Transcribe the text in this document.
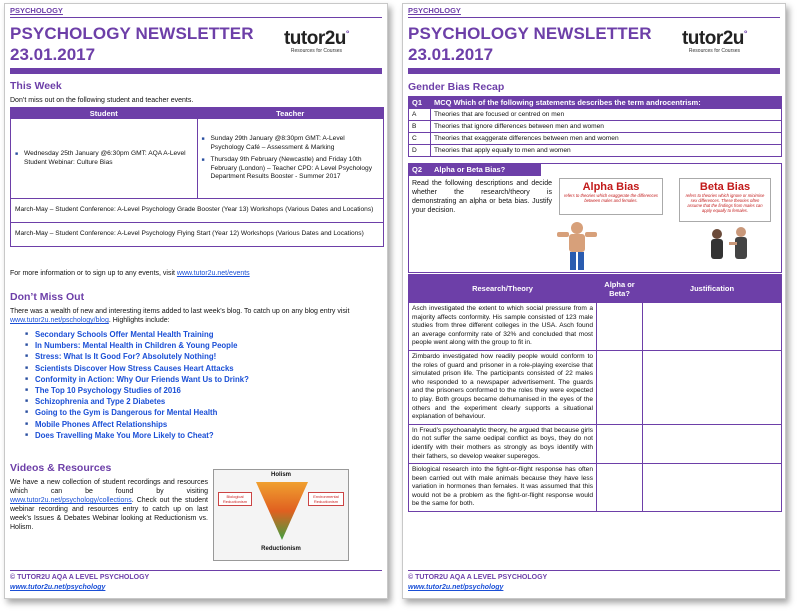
PSYCHOLOGY
PSYCHOLOGY NEWSLETTER
23.01.2017
tutor2u°
Resources for Courses
This Week
Don’t miss out on the following student and teacher events.
Student	Teacher

■ Wednesday 25th January @6:30pm GMT: AQA A-Level Student Webinar: Culture Bias	■ Sunday 29th January @8:30pm GMT: A-Level Psychology Café – Assessment & Marking
■ Thursday 9th February (Newcastle) and Friday 10th February (London) – Teacher CPD: A Level Psychology Department Results Booster - Summer 2017

March-May – Student Conference: A-Level Psychology Grade Booster (Year 13) Workshops (Various Dates and Locations)	
March-May – Student Conference: A-Level Psychology Flying Start (Year 12) Workshops (Various Dates and Locations)	
For more information or to sign up to any events, visit www.tutor2u.net/events
Don’t Miss Out
There was a wealth of new and interesting items added to last week’s blog. To catch up on any blog entry visit www.tutor2u.net/pschology/blog. Highlights include:
■ Secondary Schools Offer Mental Health Training
■ In Numbers: Mental Health in Children & Young People
■ Stress: What Is It Good For? Absolutely Nothing!
■ Scientists Discover How Stress Causes Heart Attacks
■ Conformity in Action: Why Our Friends Want Us to Drink?
■ The Top 10 Psychology Studies of 2016
■ Schizophrenia and Type 2 Diabetes
■ Going to the Gym is Dangerous for Mental Health
■ Mobile Phones Affect Relationships
■ Does Travelling Make You More Likely to Cheat?
Videos & Resources
We have a new collection of student recordings and resources which can be found by visiting www.tutor2u.net/psychology/collections. Check out the student webinar recording and resources entry to catch up on last week’s Issues & Debates Webinar looking at Reductionism vs. Holism.
Holism
Biological Reductionism
Environmental Reductionism
Reductionism
© TUTOR2U AQA A LEVEL PSYCHOLOGY
www.tutor2u.net/psychology
PSYCHOLOGY
PSYCHOLOGY NEWSLETTER
23.01.2017
tutor2u°
Resources for Courses
Gender Bias Recap
Q1	MCQ Which of the following statements describes the term androcentrism:
A	Theories that are focused or centred on men
B	Theories that ignore differences between men and women
C	Theories that exaggerate differences between men and women
D	Theories that apply equally to men and women
Q2 Alpha or Beta Bias?
Read the following descriptions and decide whether the research/theory is demonstrating an alpha or beta bias. Justify your decision.
Alpha Bias
refers to theories which exaggerate the differences between males and females.
Beta Bias
refers to theories which ignore or minimise sex differences. These theories often assume that the findings from males can apply equally to females.
Research/Theory	Alpha or Beta?	Justification
Asch investigated the extent to which social pressure from a majority affects conformity. His sample consisted of 123 male studies from three different colleges in the USA. Asch found an average conformity rate of 32% and concluded that most people went along with the group to fit in.		
Zimbardo investigated how readily people would conform to the roles of guard and prisoner in a role-playing exercise that simulated prison life. The participants consisted of 22 males who responded to a newspaper advertisement. The guards and the prisoners conformed to the roles they were expected to play. Both groups became dehumanised in the eyes of the others and the experiment clearly supports a situational explanation of behaviour.		
In Freud’s psychoanalytic theory, he argued that because girls do not suffer the same oedipal conflict as boys, they do not identify with their mothers as strongly as boys identify with their fathers, so develop weaker superegos.		
Biological research into the fight-or-flight response has often been carried out with male animals because they have less variation in hormones than females. It was assumed that this would not be a problem as the fight-or-flight response would be the same for both.		
© TUTOR2U AQA A LEVEL PSYCHOLOGY
www.tutor2u.net/psychology
